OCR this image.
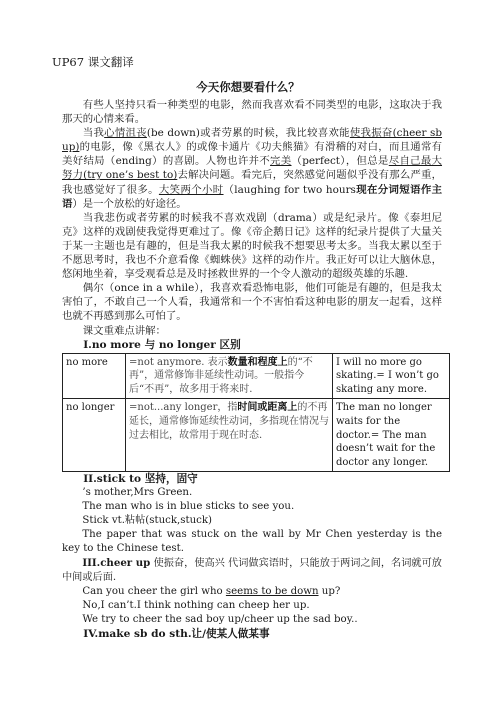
UP67 课文翻译

今天你想要看什么？

有些人坚持只看一种类型的电影，然而我喜欢看不同类型的电影，这取决于我那天的心情来看。

当我心情沮丧(be down)或者劳累的时候，我比较喜欢能使我振奋(cheer sb up)的电影，像《黑衣人》的或像卡通片《功夫熊猫》有滑稽的对白，而且通常有美好结局（ending）的喜剧。人物也许并不完美（perfect），但总是尽自己最大努力(try one’s best to)去解决问题。看完后，突然感觉问题似乎没有那么严重，我也感觉好了很多。大笑两个小时（laughing for two hours现在分词短语作主语）是一个放松的好途径。

当我悲伤或者劳累的时候我不喜欢戏剧（drama）或是纪录片。像《泰坦尼克》这样的戏剧使我觉得更难过了。像《帝企鹅日记》这样的纪录片提供了大量关于某一主题也是有趣的，但是当我太累的时候我不想要思考太多。当我太累以至于不愿思考时，我也不介意看像《蜘蛛侠》这样的动作片。我正好可以让大脑休息，悠闲地坐着，享受观看总是及时拯救世界的一个令人激动的超级英雄的乐趣.

偶尔（once in a while），我喜欢看恐怖电影，他们可能是有趣的，但是我太害怕了，不敢自己一个人看，我通常和一个不害怕看这种电影的朋友一起看，这样也就不再感到那么可怕了。

课文重难点讲解：

I.no more 与 no longer 区别

no more	=not anymore. 表示数量和程度上的“不再”，通常修饰非延续性动词。一般指今后“不再”，故多用于将来时.	I will no more go skating.= I won’t go skating any more.
no longer	=not...any longer，指时间或距离上的不再延长，通常修饰延续性动词，多指现在情况与过去相比，故常用于现在时态.	The man no longer waits for the doctor.= The man doesn’t wait for the doctor any longer.

II.stick to 坚持，固守

’s mother,Mrs Green.

The man who is in blue sticks to see you.

Stick vt.粘帖(stuck,stuck)

The paper that was stuck on the wall by Mr Chen yesterday is the key to the Chinese test.

III.cheer up 使振奋，使高兴 代词做宾语时，只能放于两词之间，名词就可放中间或后面.

Can you cheer the girl who seems to be down up?

No,I can’t.I think nothing can cheep her up.

We try to cheer the sad boy up/cheer up the sad boy..

IV.make sb do sth.让/使某人做某事
